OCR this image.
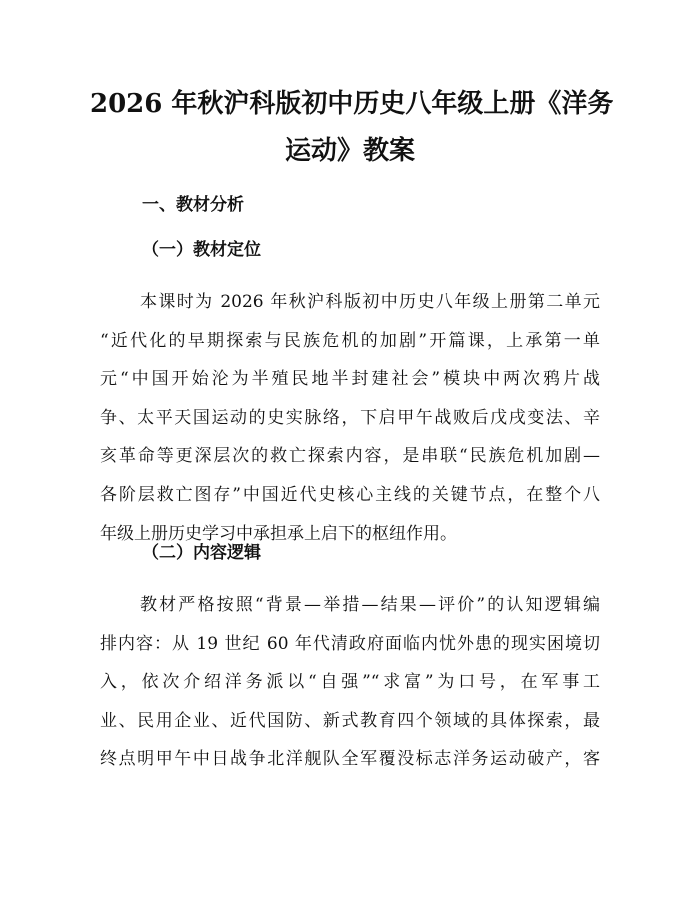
2026 年秋沪科版初中历史八年级上册《洋务
运动》教案
一、教材分析
（一）教材定位
本课时为 2026 年秋沪科版初中历史八年级上册第二单元
“近代化的早期探索与民族危机的加剧”开篇课，上承第一单
元“中国开始沦为半殖民地半封建社会”模块中两次鸦片战
争、太平天国运动的史实脉络，下启甲午战败后戊戌变法、辛
亥革命等更深层次的救亡探索内容，是串联“民族危机加剧—
各阶层救亡图存”中国近代史核心主线的关键节点，在整个八
年级上册历史学习中承担承上启下的枢纽作用。
（二）内容逻辑
教材严格按照“背景—举措—结果—评价”的认知逻辑编
排内容：从 19 世纪 60 年代清政府面临内忧外患的现实困境切
入，依次介绍洋务派以“自强”“求富”为口号，在军事工
业、民用企业、近代国防、新式教育四个领域的具体探索，最
终点明甲午中日战争北洋舰队全军覆没标志洋务运动破产，客
